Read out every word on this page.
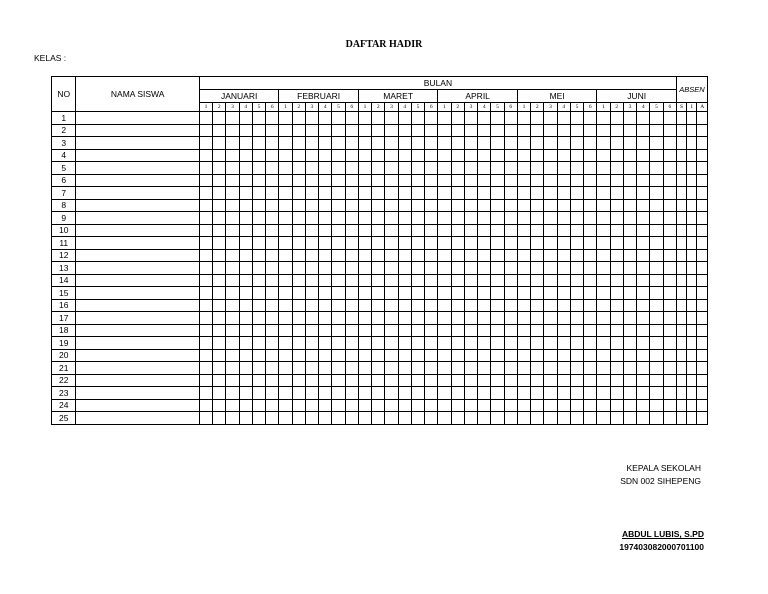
DAFTAR HADIR
KELAS :
NO	NAMA SISWA	BULAN																																				ABSEN		
		JANUARI						FEBRUARI						MARET						APRIL						MEI						JUNI								
		1	2	3	4	5	6	1	2	3	4	5	6	1	2	3	4	5	6	1	2	3	4	5	6	1	2	3	4	5	6	1	2	3	4	5	6	S	I	A
1																																								
2																																								
3																																								
4																																								
5																																								
6																																								
7																																								
8																																								
9																																								
10																																								
11																																								
12																																								
13																																								
14																																								
15																																								
16																																								
17																																								
18																																								
19																																								
20																																								
21																																								
22																																								
23																																								
24																																								
25																																								
KEPALA SEKOLAH
SDN 002 SIHEPENG
ABDUL LUBIS, S.PD
197403082000701100
